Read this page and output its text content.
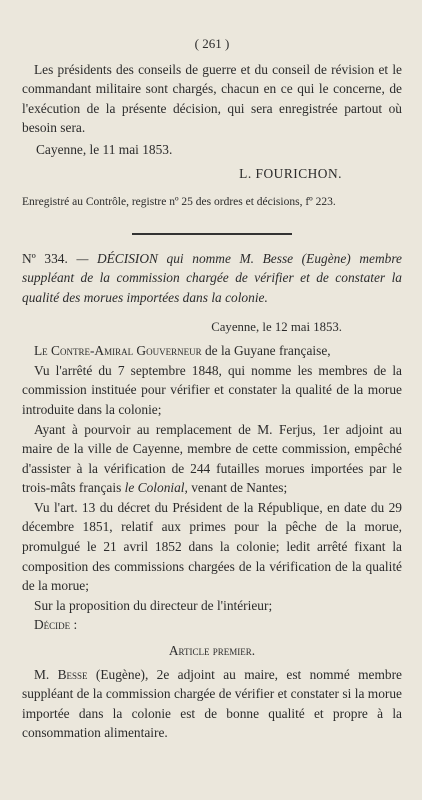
( 261 )

Les présidents des conseils de guerre et du conseil de révision et le commandant militaire sont chargés, chacun en ce qui le concerne, de l'exécution de la présente décision, qui sera enregistrée partout où besoin sera.

Cayenne, le 11 mai 1853.

L. FOURICHON.

Enregistré au Contrôle, registre nº 25 des ordres et décisions, fº 223.

Nº 334. — DÉCISION qui nomme M. Besse (Eugène) membre suppléant de la commission chargée de vérifier et de constater la qualité des morues importées dans la colonie.

Cayenne, le 12 mai 1853.

Le Contre-Amiral Gouverneur de la Guyane française,

Vu l'arrêté du 7 septembre 1848, qui nomme les membres de la commission instituée pour vérifier et constater la qualité de la morue introduite dans la colonie;

Ayant à pourvoir au remplacement de M. Ferjus, 1er adjoint au maire de la ville de Cayenne, membre de cette commission, empêché d'assister à la vérification de 244 futailles morues importées par le trois-mâts français le Colonial, venant de Nantes;

Vu l'art. 13 du décret du Président de la République, en date du 29 décembre 1851, relatif aux primes pour la pêche de la morue, promulgué le 21 avril 1852 dans la colonie; ledit arrêté fixant la composition des commissions chargées de la vérification de la qualité de la morue;

Sur la proposition du directeur de l'intérieur;

Décide :

Article premier.

M. Besse (Eugène), 2e adjoint au maire, est nommé membre suppléant de la commission chargée de vérifier et constater si la morue importée dans la colonie est de bonne qualité et propre à la consommation alimentaire.
